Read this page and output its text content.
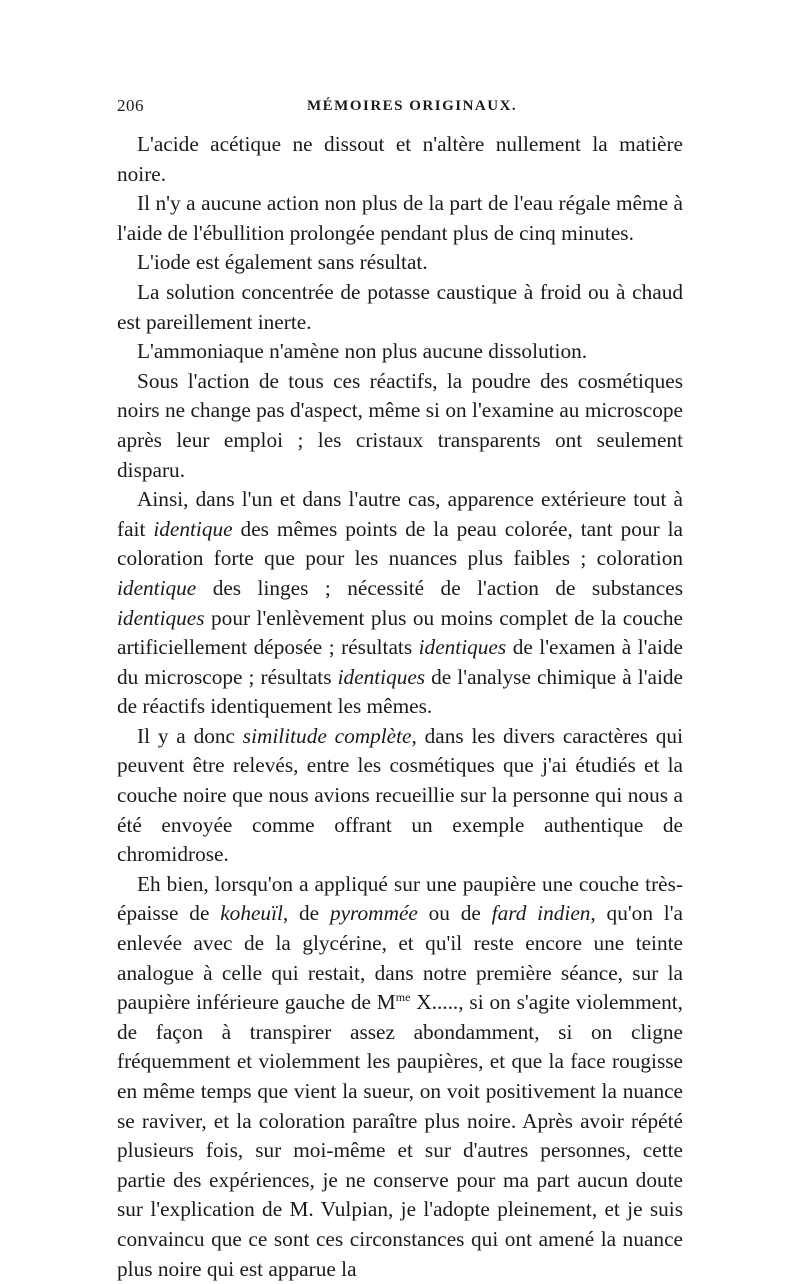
206	MÉMOIRES ORIGINAUX.

L'acide acétique ne dissout et n'altère nullement la matière noire.

Il n'y a aucune action non plus de la part de l'eau régale même à l'aide de l'ébullition prolongée pendant plus de cinq minutes.

L'iode est également sans résultat.

La solution concentrée de potasse caustique à froid ou à chaud est pareillement inerte.

L'ammoniaque n'amène non plus aucune dissolution.

Sous l'action de tous ces réactifs, la poudre des cosmétiques noirs ne change pas d'aspect, même si on l'examine au microscope après leur emploi ; les cristaux transparents ont seulement disparu.

Ainsi, dans l'un et dans l'autre cas, apparence extérieure tout à fait identique des mêmes points de la peau colorée, tant pour la coloration forte que pour les nuances plus faibles ; coloration identique des linges ; nécessité de l'action de substances identiques pour l'enlèvement plus ou moins complet de la couche artificiellement déposée ; résultats identiques de l'examen à l'aide du microscope ; résultats identiques de l'analyse chimique à l'aide de réactifs identiquement les mêmes.

Il y a donc similitude complète, dans les divers caractères qui peuvent être relevés, entre les cosmétiques que j'ai étudiés et la couche noire que nous avions recueillie sur la personne qui nous a été envoyée comme offrant un exemple authentique de chromidrose.

Eh bien, lorsqu'on a appliqué sur une paupière une couche très-épaisse de koheuïl, de pyrommée ou de fard indien, qu'on l'a enlevée avec de la glycérine, et qu'il reste encore une teinte analogue à celle qui restait, dans notre première séance, sur la paupière inférieure gauche de $M^{me}$ X....., si on s'agite violemment, de façon à transpirer assez abondamment, si on cligne fréquemment et violemment les paupières, et que la face rougisse en même temps que vient la sueur, on voit positivement la nuance se raviver, et la coloration paraître plus noire. Après avoir répété plusieurs fois, sur moi-même et sur d'autres personnes, cette partie des expériences, je ne conserve pour ma part aucun doute sur l'explication de M. Vulpian, je l'adopte pleinement, et je suis convaincu que ce sont ces circonstances qui ont amené la nuance plus noire qui est apparue la
